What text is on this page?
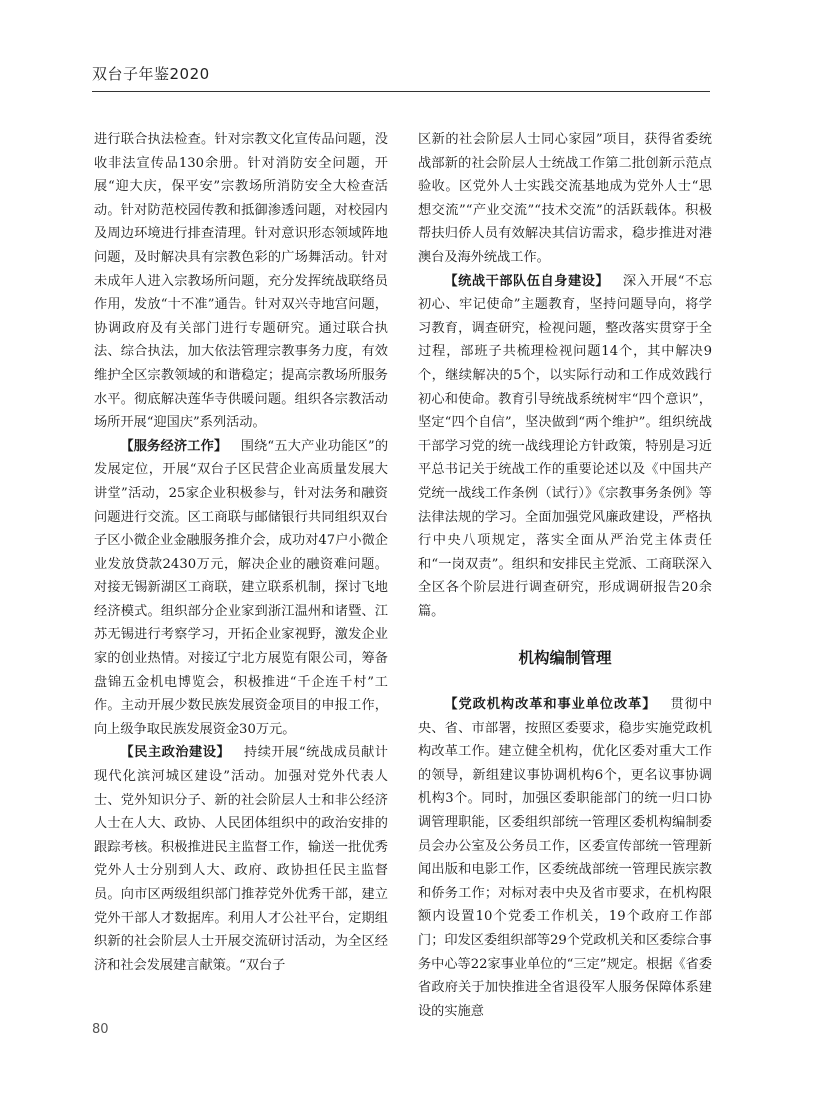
双台子年鉴2020

进行联合执法检查。针对宗教文化宣传品问题，没收非法宣传品130余册。针对消防安全问题，开展“迎大庆，保平安”宗教场所消防安全大检查活动。针对防范校园传教和抵御渗透问题，对校园内及周边环境进行排查清理。针对意识形态领域阵地问题，及时解决具有宗教色彩的广场舞活动。针对未成年人进入宗教场所问题，充分发挥统战联络员作用，发放“十不准”通告。针对双兴寺地宫问题，协调政府及有关部门进行专题研究。通过联合执法、综合执法，加大依法管理宗教事务力度，有效维护全区宗教领域的和谐稳定；提高宗教场所服务水平。彻底解决莲华寺供暖问题。组织各宗教活动场所开展“迎国庆”系列活动。

【服务经济工作】  围绕“五大产业功能区”的发展定位，开展“双台子区民营企业高质量发展大讲堂”活动，25家企业积极参与，针对法务和融资问题进行交流。区工商联与邮储银行共同组织双台子区小微企业金融服务推介会，成功对47户小微企业发放贷款2430万元，解决企业的融资难问题。对接无锡新湖区工商联，建立联系机制，探讨飞地经济模式。组织部分企业家到浙江温州和诸暨、江苏无锡进行考察学习，开拓企业家视野，激发企业家的创业热情。对接辽宁北方展览有限公司，筹备盘锦五金机电博览会，积极推进“千企连千村”工作。主动开展少数民族发展资金项目的申报工作，向上级争取民族发展资金30万元。

【民主政治建设】  持续开展“统战成员献计现代化滨河城区建设”活动。加强对党外代表人士、党外知识分子、新的社会阶层人士和非公经济人士在人大、政协、人民团体组织中的政治安排的跟踪考核。积极推进民主监督工作，输送一批优秀党外人士分别到人大、政府、政协担任民主监督员。向市区两级组织部门推荐党外优秀干部，建立党外干部人才数据库。利用人才公社平台，定期组织新的社会阶层人士开展交流研讨活动，为全区经济和社会发展建言献策。“双台子

区新的社会阶层人士同心家园”项目，获得省委统战部新的社会阶层人士统战工作第二批创新示范点验收。区党外人士实践交流基地成为党外人士“思想交流”“产业交流”“技术交流”的活跃载体。积极帮扶归侨人员有效解决其信访需求，稳步推进对港澳台及海外统战工作。

【统战干部队伍自身建设】  深入开展“不忘初心、牢记使命”主题教育，坚持问题导向，将学习教育，调查研究，检视问题，整改落实贯穿于全过程，部班子共梳理检视问题14个，其中解决9个，继续解决的5个，以实际行动和工作成效践行初心和使命。教育引导统战系统树牢“四个意识”，坚定“四个自信”，坚决做到“两个维护”。组织统战干部学习党的统一战线理论方针政策，特别是习近平总书记关于统战工作的重要论述以及《中国共产党统一战线工作条例（试行）》《宗教事务条例》等法律法规的学习。全面加强党风廉政建设，严格执行中央八项规定，落实全面从严治党主体责任和“一岗双责”。组织和安排民主党派、工商联深入全区各个阶层进行调查研究，形成调研报告20余篇。

机构编制管理

【党政机构改革和事业单位改革】  贯彻中央、省、市部署，按照区委要求，稳步实施党政机构改革工作。建立健全机构，优化区委对重大工作的领导，新组建议事协调机构6个，更名议事协调机构3个。同时，加强区委职能部门的统一归口协调管理职能，区委组织部统一管理区委机构编制委员会办公室及公务员工作，区委宣传部统一管理新闻出版和电影工作，区委统战部统一管理民族宗教和侨务工作；对标对表中央及省市要求，在机构限额内设置10个党委工作机关，19个政府工作部门；印发区委组织部等29个党政机关和区委综合事务中心等22家事业单位的“三定”规定。根据《省委省政府关于加快推进全省退役军人服务保障体系建设的实施意

80
